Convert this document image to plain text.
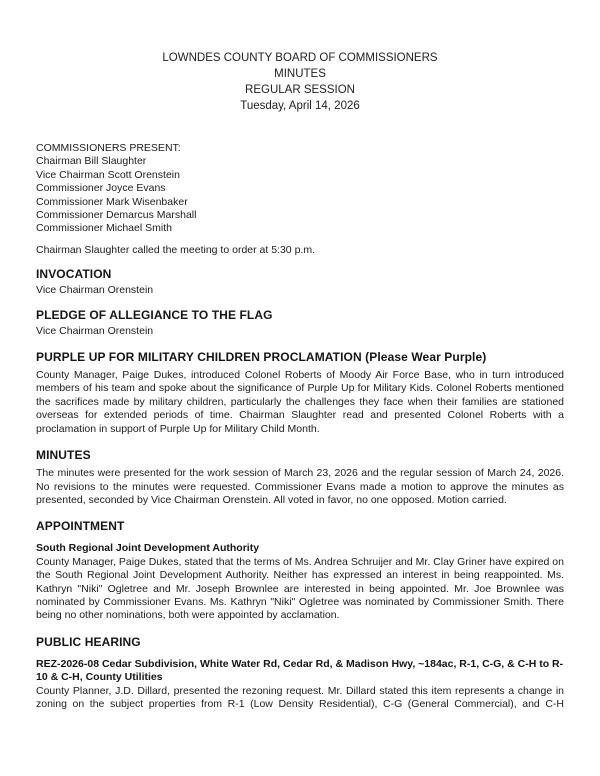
LOWNDES COUNTY BOARD OF COMMISSIONERS
MINUTES
REGULAR SESSION
Tuesday, April 14, 2026
COMMISSIONERS PRESENT:
Chairman Bill Slaughter
Vice Chairman Scott Orenstein
Commissioner Joyce Evans
Commissioner Mark Wisenbaker
Commissioner Demarcus Marshall
Commissioner Michael Smith

Chairman Slaughter called the meeting to order at 5:30 p.m.

INVOCATION

Vice Chairman Orenstein

PLEDGE OF ALLEGIANCE TO THE FLAG

Vice Chairman Orenstein

PURPLE UP FOR MILITARY CHILDREN PROCLAMATION (Please Wear Purple)

County Manager, Paige Dukes, introduced Colonel Roberts of Moody Air Force Base, who in turn introduced members of his team and spoke about the significance of Purple Up for Military Kids. Colonel Roberts mentioned the sacrifices made by military children, particularly the challenges they face when their families are stationed overseas for extended periods of time. Chairman Slaughter read and presented Colonel Roberts with a proclamation in support of Purple Up for Military Child Month.

MINUTES

The minutes were presented for the work session of March 23, 2026 and the regular session of March 24, 2026. No revisions to the minutes were requested. Commissioner Evans made a motion to approve the minutes as presented, seconded by Vice Chairman Orenstein. All voted in favor, no one opposed. Motion carried.

APPOINTMENT
South Regional Joint Development Authority

County Manager, Paige Dukes, stated that the terms of Ms. Andrea Schruijer and Mr. Clay Griner have expired on the South Regional Joint Development Authority. Neither has expressed an interest in being reappointed. Ms. Kathryn "Niki" Ogletree and Mr. Joseph Brownlee are interested in being appointed. Mr. Joe Brownlee was nominated by Commissioner Evans. Ms. Kathryn "Niki" Ogletree was nominated by Commissioner Smith. There being no other nominations, both were appointed by acclamation.

PUBLIC HEARING
REZ-2026-08 Cedar Subdivision, White Water Rd, Cedar Rd, & Madison Hwy, ~184ac, R-1, C-G, & C-H to R-10 & C-H, County Utilities

County Planner, J.D. Dillard, presented the rezoning request. Mr. Dillard stated this item represents a change in zoning on the subject properties from R-1 (Low Density Residential), C-G (General Commercial), and C-H
